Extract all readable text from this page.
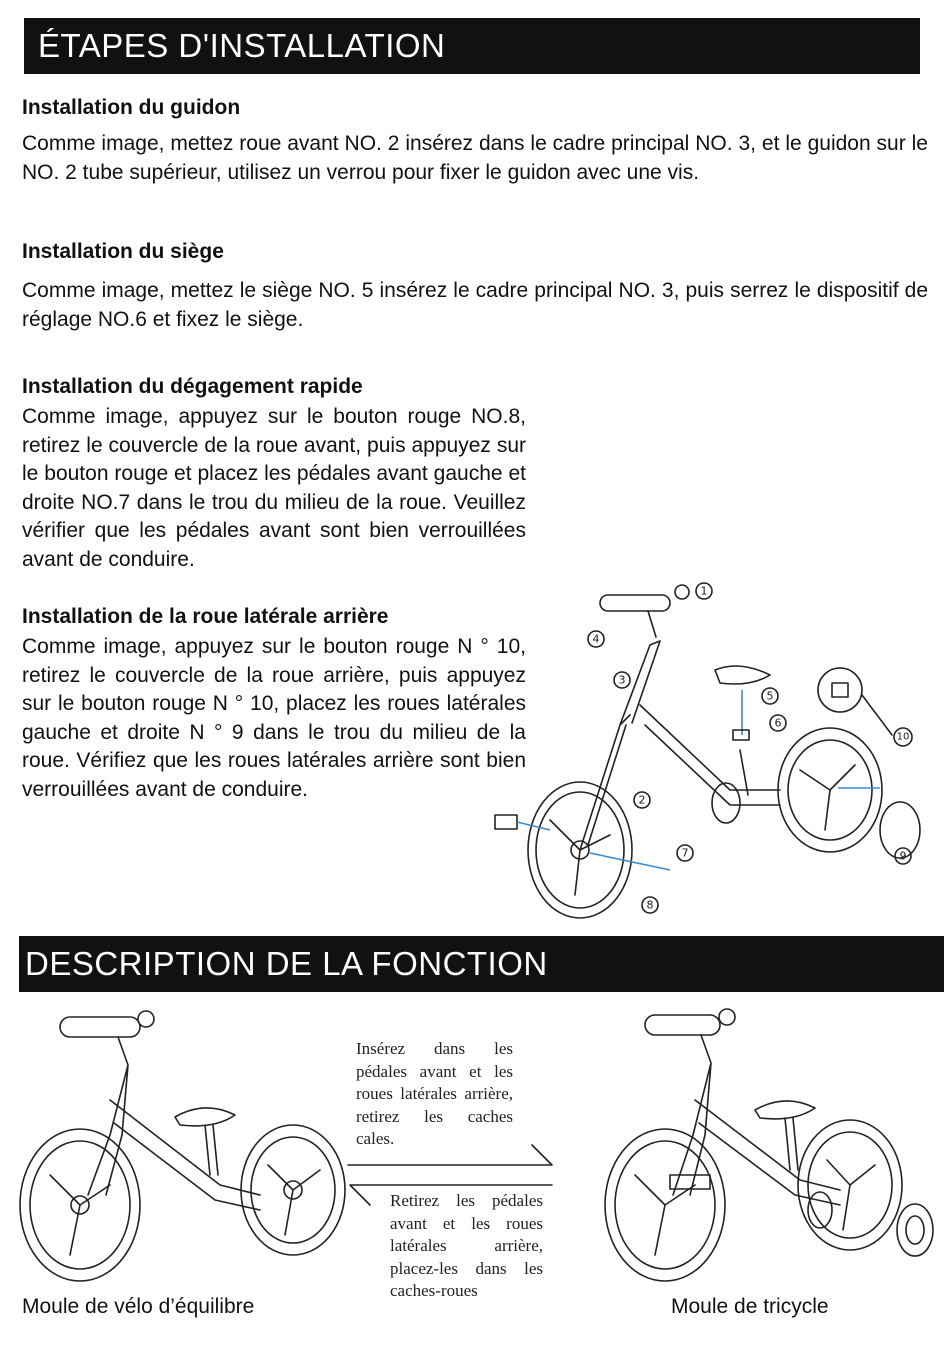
ÉTAPES D'INSTALLATION
Installation du guidon
Comme image, mettez roue avant NO. 2 insérez dans le cadre principal NO. 3, et le guidon sur le NO. 2 tube supérieur, utilisez un verrou pour fixer le guidon avec une vis.
Installation du siège
Comme image, mettez le siège NO. 5 insérez le cadre principal NO. 3, puis serrez le dispositif de réglage NO.6 et fixez le siège.
Installation du dégagement rapide
Comme image, appuyez sur le bouton rouge NO.8, retirez le couvercle de la roue avant, puis appuyez sur le bouton rouge et placez les pédales avant gauche et droite NO.7 dans le trou du milieu de la roue. Veuillez vérifier que les pédales avant sont bien verrouillées avant de conduire.
Installation de la roue latérale arrière
Comme image, appuyez sur le bouton rouge N ° 10, retirez le couvercle de la roue arrière, puis appuyez sur le bouton rouge N ° 10, placez les roues latérales gauche et droite N ° 9 dans le trou du milieu de la roue. Vérifiez que les roues latérales arrière sont bien verrouillées avant de conduire.
1
2
3
4
5
6
7
8
9
10
DESCRIPTION DE LA FONCTION
Insérez dans les pédales avant et les roues latérales arrière, retirez les caches cales.
Retirez les pédales avant et les roues latérales arrière, placez-les dans les caches-roues
Moule de vélo d’équilibre	Moule de tricycle
